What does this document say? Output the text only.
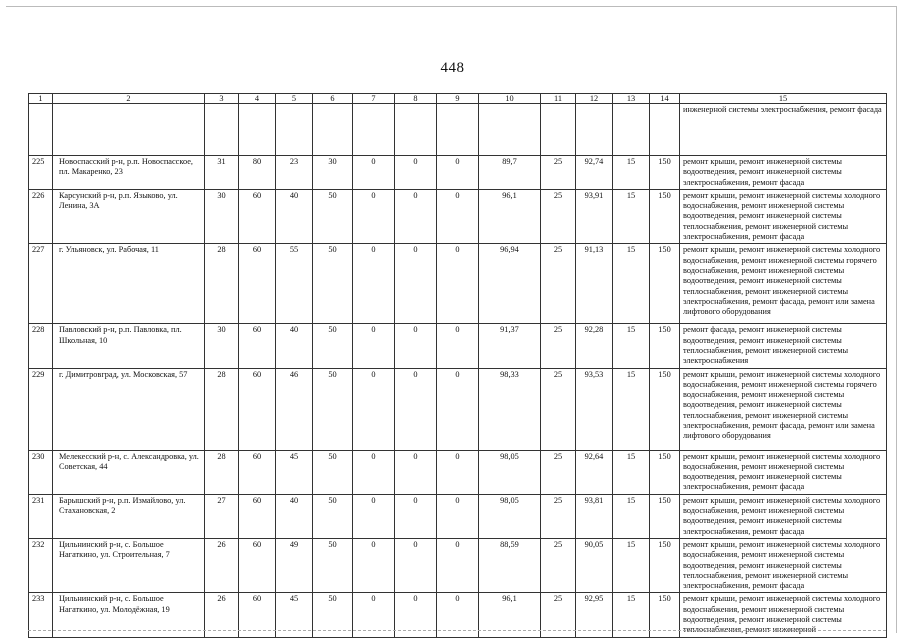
448
1	2	3	4	5	6	7	8	9	10	11	12	13	14	15
														инженерной системы электроснабжения, ремонт фасада
225	Новоспасский р-н, р.п. Новоспасское, пл. Макаренко, 23	31	80	23	30	0	0	0	89,7	25	92,74	15	150	ремонт крыши, ремонт инженерной системы водоотведения, ремонт инженерной системы электроснабжения, ремонт фасада
226	Карсунский р-н, р.п. Языково, ул. Ленина, 3А	30	60	40	50	0	0	0	96,1	25	93,91	15	150	ремонт крыши, ремонт инженерной системы холодного водоснабжения, ремонт инженерной системы водоотведения, ремонт инженерной системы теплоснабжения, ремонт инженерной системы электроснабжения, ремонт фасада
227	г. Ульяновск, ул. Рабочая, 11	28	60	55	50	0	0	0	96,94	25	91,13	15	150	ремонт крыши, ремонт инженерной системы холодного водоснабжения, ремонт инженерной системы горячего водоснабжения, ремонт инженерной системы водоотведения, ремонт инженерной системы теплоснабжения, ремонт инженерной системы электроснабжения, ремонт фасада, ремонт или замена лифтового оборудования
228	Павловский р-н, р.п. Павловка, пл. Школьная, 10	30	60	40	50	0	0	0	91,37	25	92,28	15	150	ремонт фасада, ремонт инженерной системы водоотведения, ремонт инженерной системы теплоснабжения, ремонт инженерной системы электроснабжения
229	г. Димитровград, ул. Московская, 57	28	60	46	50	0	0	0	98,33	25	93,53	15	150	ремонт крыши, ремонт инженерной системы холодного водоснабжения, ремонт инженерной системы горячего водоснабжения, ремонт инженерной системы водоотведения, ремонт инженерной системы теплоснабжения, ремонт инженерной системы электроснабжения, ремонт фасада, ремонт или замена лифтового оборудования
230	Мелекесский р-н, с. Александровка, ул. Советская, 44	28	60	45	50	0	0	0	98,05	25	92,64	15	150	ремонт крыши, ремонт инженерной системы холодного водоснабжения, ремонт инженерной системы водоотведения, ремонт инженерной системы электроснабжения, ремонт фасада
231	Барышский р-н, р.п. Измайлово, ул. Стахановская, 2	27	60	40	50	0	0	0	98,05	25	93,81	15	150	ремонт крыши, ремонт инженерной системы холодного водоснабжения, ремонт инженерной системы водоотведения, ремонт инженерной системы электроснабжения, ремонт фасада
232	Цильнинский р-н, с. Большое Нагаткино, ул. Строительная, 7	26	60	49	50	0	0	0	88,59	25	90,05	15	150	ремонт крыши, ремонт инженерной системы холодного водоснабжения, ремонт инженерной системы водоотведения, ремонт инженерной системы теплоснабжения, ремонт инженерной системы электроснабжения, ремонт фасада
233	Цильнинский р-н, с. Большое Нагаткино, ул. Молодёжная, 19	26	60	45	50	0	0	0	96,1	25	92,95	15	150	ремонт крыши, ремонт инженерной системы холодного водоснабжения, ремонт инженерной системы водоотведения, ремонт инженерной системы теплоснабжения, ремонт инженерной
